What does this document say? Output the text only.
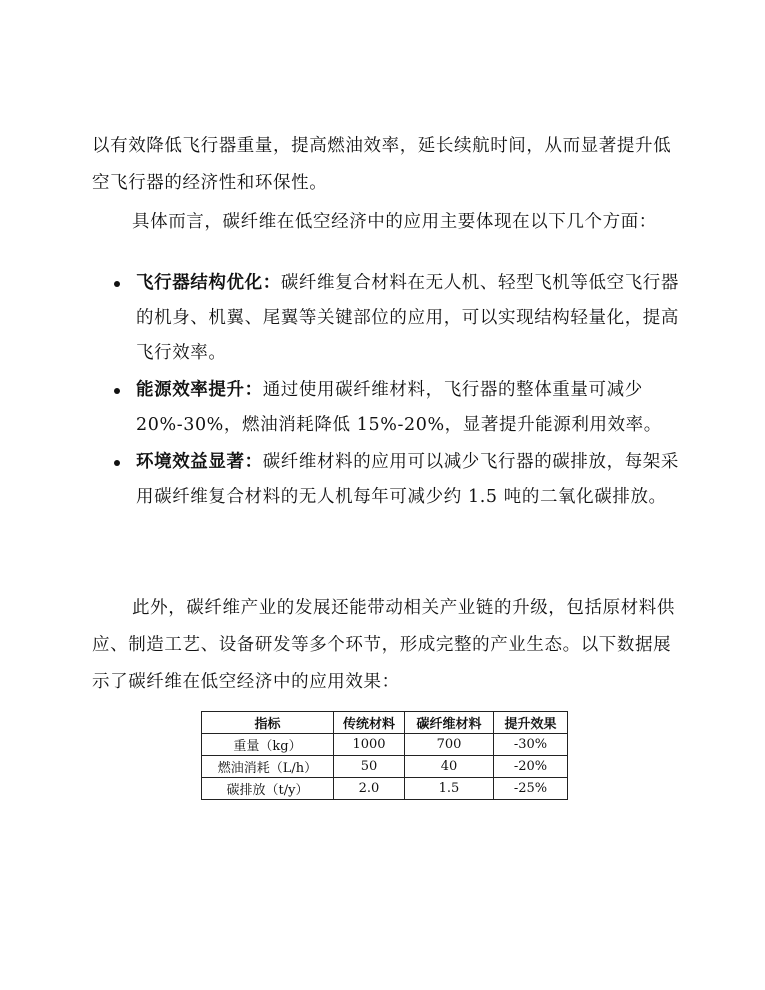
以有效降低飞行器重量，提高燃油效率，延长续航时间，从而显著提升低空飞行器的经济性和环保性。

具体而言，碳纤维在低空经济中的应用主要体现在以下几个方面：

飞行器结构优化：碳纤维复合材料在无人机、轻型飞机等低空飞行器的机身、机翼、尾翼等关键部位的应用，可以实现结构轻量化，提高飞行效率。
能源效率提升：通过使用碳纤维材料，飞行器的整体重量可减少 20%-30%，燃油消耗降低 15%-20%，显著提升能源利用效率。
环境效益显著：碳纤维材料的应用可以减少飞行器的碳排放，每架采用碳纤维复合材料的无人机每年可减少约 1.5 吨的二氧化碳排放。

此外，碳纤维产业的发展还能带动相关产业链的升级，包括原材料供应、制造工艺、设备研发等多个环节，形成完整的产业生态。以下数据展示了碳纤维在低空经济中的应用效果：

指标	传统材料	碳纤维材料	提升效果
重量（kg）	1000	700	-30%
燃油消耗（L/h）	50	40	-20%
碳排放（t/y）	2.0	1.5	-25%
